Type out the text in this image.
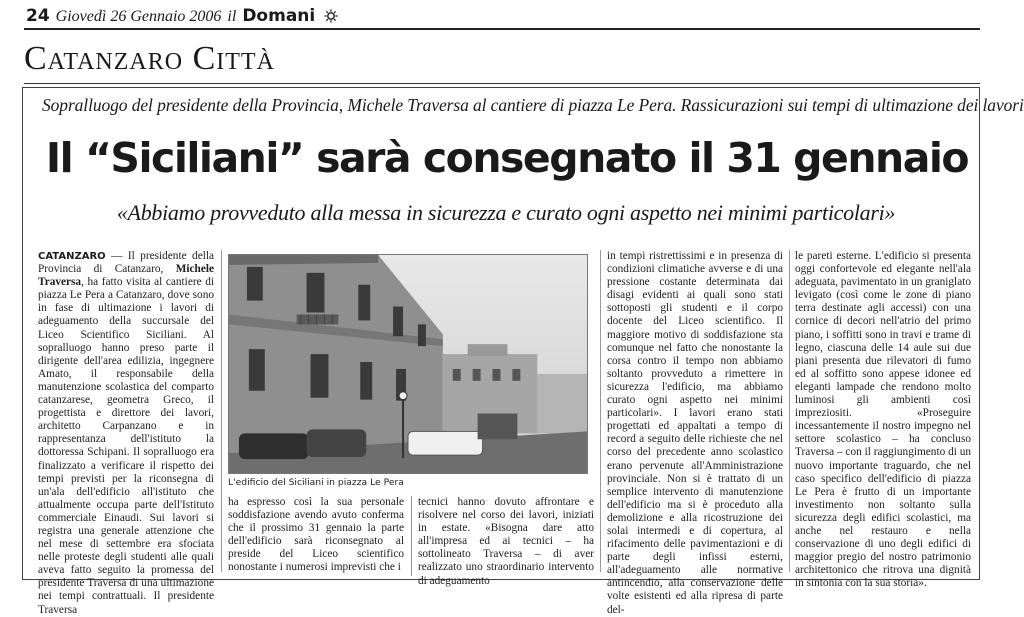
24 Giovedì 26 Gennaio 2006 il Domani
Catanzaro Città
Sopralluogo del presidente della Provincia, Michele Traversa al cantiere di piazza Le Pera. Rassicurazioni sui tempi di ultimazione dei lavori
Il “Siciliani” sarà consegnato il 31 gennaio
«Abbiamo provveduto alla messa in sicurezza e curato ogni aspetto nei minimi particolari»

CATANZARO — Il presidente della Provincia di Catanzaro, Michele Traversa, ha fatto visita al cantiere di piazza Le Pera a Catanzaro, dove sono in fase di ultimazione i lavori di adeguamento della succursale del Liceo Scientifico Siciliani. Al sopralluogo hanno preso parte il dirigente dell'area edilizia, ingegnere Amato, il responsabile della manutenzione scolastica del comparto catanzarese, geometra Greco, il progettista e direttore dei lavori, architetto Carpanzano e in rappresentanza dell'istituto la dottoressa Schipani. Il sopralluogo era finalizzato a verificare il rispetto dei tempi previsti per la riconsegna di un'ala dell'edificio all'istituto che attualmente occupa parte dell'Istituto commerciale Einaudi. Sui lavori si registra una generale attenzione che nel mese di settembre era sfociata nelle proteste degli studenti alle quali aveva fatto seguito la promessa del presidente Traversa di una ultimazione nei tempi contrattuali. Il presidente Traversa

L'edificio del Siciliani in piazza Le Pera

ha espresso così la sua personale soddisfazione avendo avuto conferma che il prossimo 31 gennaio la parte dell'edificio sarà riconsegnato al preside del Liceo scientifico nonostante i numerosi imprevisti che i

tecnici hanno dovuto affrontare e risolvere nel corso dei lavori, iniziati in estate. «Bisogna dare atto all'impresa ed ai tecnici – ha sottolineato Traversa – di aver realizzato uno straordinario intervento di adeguamento

in tempi ristrettissimi e in presenza di condizioni climatiche avverse e di una pressione costante determinata dai disagi evidenti ai quali sono stati sottoposti gli studenti e il corpo docente del Liceo scientifico. Il maggiore motivo di soddisfazione sta comunque nel fatto che nonostante la corsa contro il tempo non abbiamo soltanto provveduto a rimettere in sicurezza l'edificio, ma abbiamo curato ogni aspetto nei minimi particolari». I lavori erano stati progettati ed appaltati a tempo di record a seguito delle richieste che nel corso del precedente anno scolastico erano pervenute all'Amministrazione provinciale. Non si è trattato di un semplice intervento di manutenzione dell'edificio ma si è proceduto alla demolizione e alla ricostruzione dei solai intermedi e di copertura, al rifacimento delle pavimentazioni e di parte degli infissi esterni, all'adeguamento alle normative antincendio, alla conservazione delle volte esistenti ed alla ripresa di parte del-

le pareti esterne. L'edificio si presenta oggi confortevole ed elegante nell'ala adeguata, pavimentato in un graniglato levigato (così come le zone di piano terra destinate agli accessi) con una cornice di decori nell'atrio del primo piano, i soffitti sono in travi e trame di legno, ciascuna delle 14 aule sui due piani presenta due rilevatori di fumo ed al soffitto sono appese idonee ed eleganti lampade che rendono molto luminosi gli ambienti così impreziositi. «Proseguire incessantemente il nostro impegno nel settore scolastico – ha concluso Traversa – con il raggiungimento di un nuovo importante traguardo, che nel caso specifico dell'edificio di piazza Le Pera è frutto di un importante investimento non soltanto sulla sicurezza degli edifici scolastici, ma anche nel restauro e nella conservazione di uno degli edifici di maggior pregio del nostro patrimonio architettonico che ritrova una dignità in sintonia con la sua storia».
